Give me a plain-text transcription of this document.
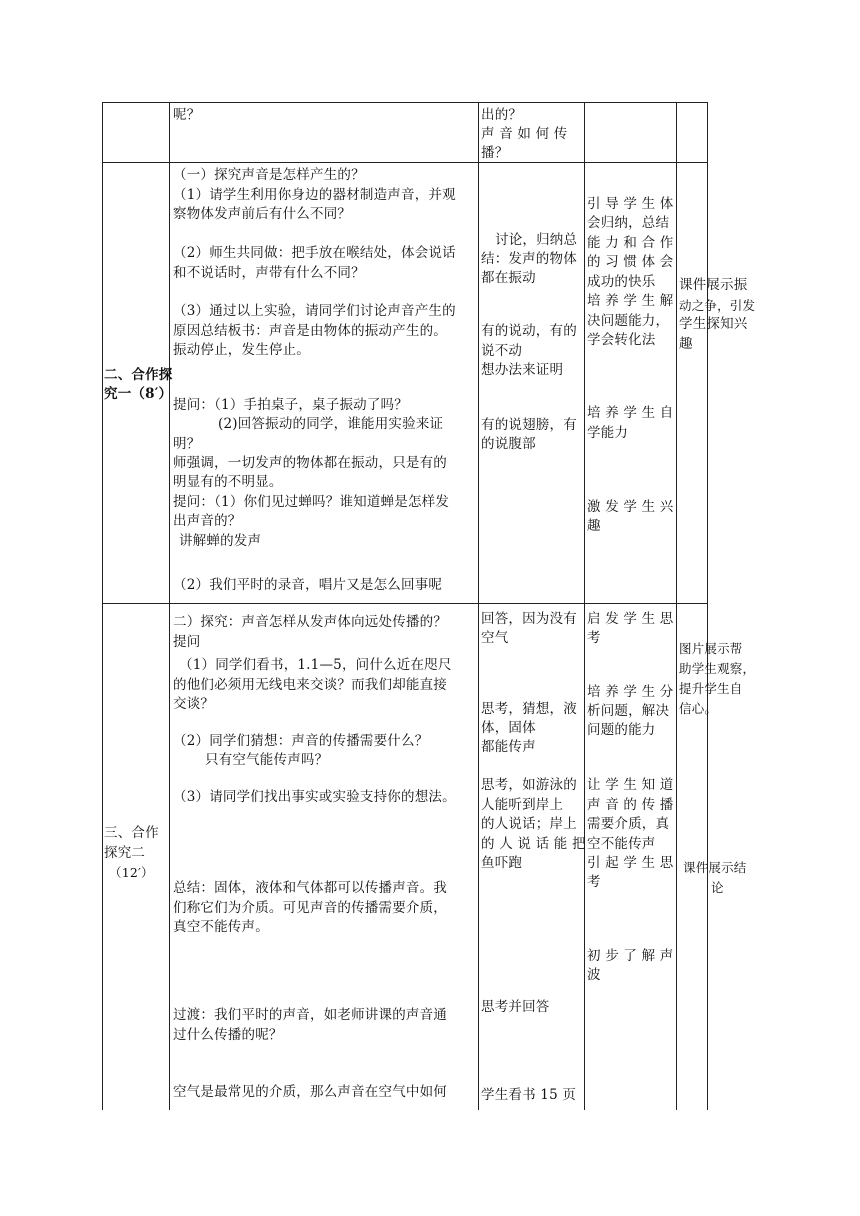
呢？	出的？
声 音 如 何 传
播？
二、合作探
究一（8′）
（一）探究声音是怎样产生的？
（1）请学生利用你身边的器材制造声音，并观
察物体发声前后有什么不同？
（2）师生共同做：把手放在喉结处，体会说话
和不说话时，声带有什么不同？
（3）通过以上实验，请同学们讨论声音产生的
原因总结板书：声音是由物体的振动产生的。
振动停止，发生停止。
提问：（1）手拍桌子，桌子振动了吗？
(2)回答振动的同学，谁能用实验来证
明？
师强调，一切发声的物体都在振动，只是有的
明显有的不明显。
提问：（1）你们见过蝉吗？谁知道蝉是怎样发
出声音的？
讲解蝉的发声
（2）我们平时的录音，唱片又是怎么回事呢
讨论，归纳总
结：发声的物体
都在振动
有的说动，有的
说不动
想办法来证明
有的说翅膀，有
的说腹部
引 导 学 生 体
会归纳，总结
能 力 和 合 作
的 习 惯 体 会
成功的快乐
培 养 学 生 解
决问题能力，
学会转化法
培 养 学 生 自
学能力
激 发 学 生 兴
趣
课件展示振
动之争，引发
学生探知兴
趣
三、合作
探究二
（12′）
二）探究：声音怎样从发声体向远处传播的？
提问
（1）同学们看书，1.1—5，问什么近在咫尺
的他们必须用无线电来交谈？而我们却能直接
交谈？
（2）同学们猜想：声音的传播需要什么？
只有空气能传声吗？
（3）请同学们找出事实或实验支持你的想法。
总结：固体，液体和气体都可以传播声音。我
们称它们为介质。可见声音的传播需要介质，
真空不能传声。
过渡：我们平时的声音，如老师讲课的声音通
过什么传播的呢？
空气是最常见的介质，那么声音在空气中如何
回答，因为没有
空气
思考，猜想，液
体，固体
都能传声
思考，如游泳的
人能听到岸上
的人说话；岸上
的 人 说 话 能 把
鱼吓跑
思考并回答
学生看书 15 页
启 发 学 生 思
考
培 养 学 生 分
析问题，解决
问题的能力
让 学 生 知 道
声 音 的 传 播
需要介质，真
空不能传声
引 起 学 生 思
考
初 步 了 解 声
波
图片展示帮
助学生观察，
提升学生自
信心。
课件展示结
论
